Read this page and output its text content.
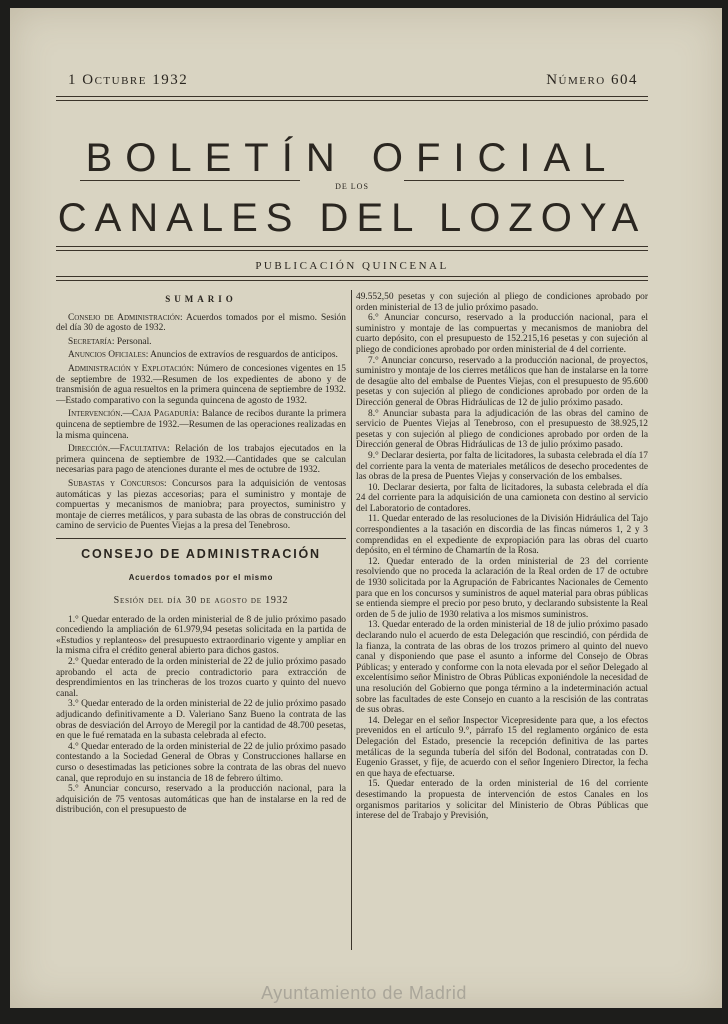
1 Octubre 1932	Número 604
BOLETÍN OFICIAL
DE LOS
CANALES DEL LOZOYA
PUBLICACIÓN QUINCENAL
SUMARIO

Consejo de Administración: Acuerdos tomados por el mismo. Sesión del día 30 de agosto de 1932.

Secretaría: Personal.

Anuncios Oficiales: Anuncios de extravíos de resguardos de anticipos.

Administración y Explotación: Número de concesiones vigentes en 15 de septiembre de 1932.—Resumen de los expedientes de abono y de transmisión de agua resueltos en la primera quincena de septiembre de 1932.—Estado comparativo con la segunda quincena de agosto de 1932.

Intervención.—Caja Pagaduría: Balance de recibos durante la primera quincena de septiembre de 1932.—Resumen de las operaciones realizadas en la misma quincena.

Dirección.—Facultativa: Relación de los trabajos ejecutados en la primera quincena de septiembre de 1932.—Cantidades que se calculan necesarias para pago de atenciones durante el mes de octubre de 1932.

Subastas y Concursos: Concursos para la adquisición de ventosas automáticas y las piezas accesorias; para el suministro y montaje de compuertas y mecanismos de maniobra; para proyectos, suministro y montaje de cierres metálicos, y para subasta de las obras de construcción del camino de servicio de Puentes Viejas a la presa del Tenebroso.

CONSEJO DE ADMINISTRACIÓN
Acuerdos tomados por el mismo
Sesión del día 30 de agosto de 1932

1.° Quedar enterado de la orden ministerial de 8 de julio próximo pasado concediendo la ampliación de 61.979,94 pesetas solicitada en la partida de «Estudios y replanteos» del presupuesto extraordinario vigente y ampliar en la misma cifra el crédito general abierto para dichos gastos.

2.° Quedar enterado de la orden ministerial de 22 de julio próximo pasado aprobando el acta de precio contradictorio para extracción de desprendimientos en las trincheras de los trozos cuarto y quinto del nuevo canal.

3.° Quedar enterado de la orden ministerial de 22 de julio próximo pasado adjudicando definitivamente a D. Valeriano Sanz Bueno la contrata de las obras de desviación del Arroyo de Meregil por la cantidad de 48.700 pesetas, en que le fué rematada en la subasta celebrada al efecto.

4.° Quedar enterado de la orden ministerial de 22 de julio próximo pasado contestando a la Sociedad General de Obras y Construcciones hallarse en curso o desestimadas las peticiones sobre la contrata de las obras del nuevo canal, que reprodujo en su instancia de 18 de febrero último.

5.° Anunciar concurso, reservado a la producción nacional, para la adquisición de 75 ventosas automáticas que han de instalarse en la red de distribución, con el presupuesto de

49.552,50 pesetas y con sujeción al pliego de condiciones aprobado por orden ministerial de 13 de julio próximo pasado.

6.° Anunciar concurso, reservado a la producción nacional, para el suministro y montaje de las compuertas y mecanismos de maniobra del cuarto depósito, con el presupuesto de 152.215,16 pesetas y con sujeción al pliego de condiciones aprobado por orden ministerial de 4 del corriente.

7.° Anunciar concurso, reservado a la producción nacional, de proyectos, suministro y montaje de los cierres metálicos que han de instalarse en la torre de desagüe alto del embalse de Puentes Viejas, con el presupuesto de 95.600 pesetas y con sujeción al pliego de condiciones aprobado por orden de la Dirección general de Obras Hidráulicas de 12 de julio próximo pasado.

8.° Anunciar subasta para la adjudicación de las obras del camino de servicio de Puentes Viejas al Tenebroso, con el presupuesto de 38.925,12 pesetas y con sujeción al pliego de condiciones aprobado por orden de la Dirección general de Obras Hidráulicas de 13 de julio próximo pasado.

9.° Declarar desierta, por falta de licitadores, la subasta celebrada el día 17 del corriente para la venta de materiales metálicos de desecho procedentes de las obras de la presa de Puentes Viejas y conservación de los embalses.

10. Declarar desierta, por falta de licitadores, la subasta celebrada el día 24 del corriente para la adquisición de una camioneta con destino al servicio del Laboratorio de contadores.

11. Quedar enterado de las resoluciones de la División Hidráulica del Tajo correspondientes a la tasación en discordia de las fincas números 1, 2 y 3 comprendidas en el expediente de expropiación para las obras del cuarto depósito, en el término de Chamartín de la Rosa.

12. Quedar enterado de la orden ministerial de 23 del corriente resolviendo que no proceda la aclaración de la Real orden de 17 de octubre de 1930 solicitada por la Agrupación de Fabricantes Nacionales de Cemento para que en los concursos y suministros de aquel material para obras públicas se entienda siempre el precio por peso bruto, y declarando subsistente la Real orden de 5 de julio de 1930 relativa a los mismos suministros.

13. Quedar enterado de la orden ministerial de 18 de julio próximo pasado declarando nulo el acuerdo de esta Delegación que rescindió, con pérdida de la fianza, la contrata de las obras de los trozos primero al quinto del nuevo canal y disponiendo que pase el asunto a informe del Consejo de Obras Públicas; y enterado y conforme con la nota elevada por el señor Delegado al excelentísimo señor Ministro de Obras Públicas exponiéndole la necesidad de una resolución del Gobierno que ponga término a la indeterminación actual sobre las facultades de este Consejo en cuanto a la rescisión de las contratas de sus obras.

14. Delegar en el señor Inspector Vicepresidente para que, a los efectos prevenidos en el artículo 9.°, párrafo 15 del reglamento orgánico de esta Delegación del Estado, presencie la recepción definitiva de las partes metálicas de la segunda tubería del sifón del Bodonal, contratadas con D. Eugenio Grasset, y fije, de acuerdo con el señor Ingeniero Director, la fecha en que haya de efectuarse.

15. Quedar enterado de la orden ministerial de 16 del corriente desestimando la propuesta de intervención de estos Canales en los organismos paritarios y solicitar del Ministerio de Obras Públicas que interese del de Trabajo y Previsión,

Ayuntamiento de Madrid
